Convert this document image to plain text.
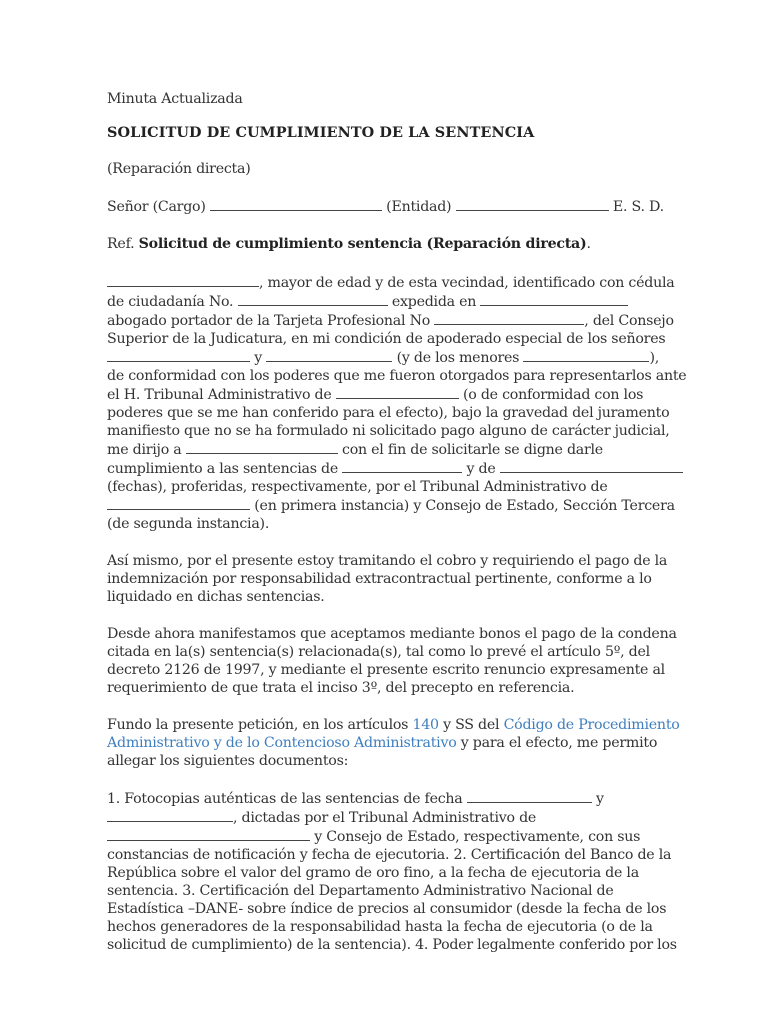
Minuta Actualizada
SOLICITUD DE CUMPLIMIENTO DE LA SENTENCIA
(Reparación directa)
Señor (Cargo)	(Entidad)	E. S. D.
Ref. Solicitud de cumplimiento sentencia (Reparación directa).
, mayor de edad y de esta vecindad, identificado con cédula
de ciudadanía No.	expedida en
abogado portador de la Tarjeta Profesional No	, del Consejo
Superior de la Judicatura, en mi condición de apoderado especial de los señores
y	(y de los menores	),
de conformidad con los poderes que me fueron otorgados para representarlos ante
el H. Tribunal Administrativo de	(o de conformidad con los
poderes que se me han conferido para el efecto), bajo la gravedad del juramento
manifiesto que no se ha formulado ni solicitado pago alguno de carácter judicial,
me dirijo a	con el fin de solicitarle se digne darle
cumplimiento a las sentencias de	y de
(fechas), proferidas, respectivamente, por el Tribunal Administrativo de
(en primera instancia) y Consejo de Estado, Sección Tercera
(de segunda instancia).
Así mismo, por el presente estoy tramitando el cobro y requiriendo el pago de la
indemnización por responsabilidad extracontractual pertinente, conforme a lo
liquidado en dichas sentencias.
Desde ahora manifestamos que aceptamos mediante bonos el pago de la condena
citada en la(s) sentencia(s) relacionada(s), tal como lo prevé el artículo 5º, del
decreto 2126 de 1997, y mediante el presente escrito renuncio expresamente al
requerimiento de que trata el inciso 3º, del precepto en referencia.
Fundo la presente petición, en los artículos 140 y SS del Código de Procedimiento
Administrativo y de lo Contencioso Administrativo y para el efecto, me permito
allegar los siguientes documentos:
1. Fotocopias auténticas de las sentencias de fecha	y
, dictadas por el Tribunal Administrativo de
y Consejo de Estado, respectivamente, con sus
constancias de notificación y fecha de ejecutoria. 2. Certificación del Banco de la
República sobre el valor del gramo de oro fino, a la fecha de ejecutoria de la
sentencia. 3. Certificación del Departamento Administrativo Nacional de
Estadística –DANE- sobre índice de precios al consumidor (desde la fecha de los
hechos generadores de la responsabilidad hasta la fecha de ejecutoria (o de la
solicitud de cumplimiento) de la sentencia). 4. Poder legalmente conferido por los
